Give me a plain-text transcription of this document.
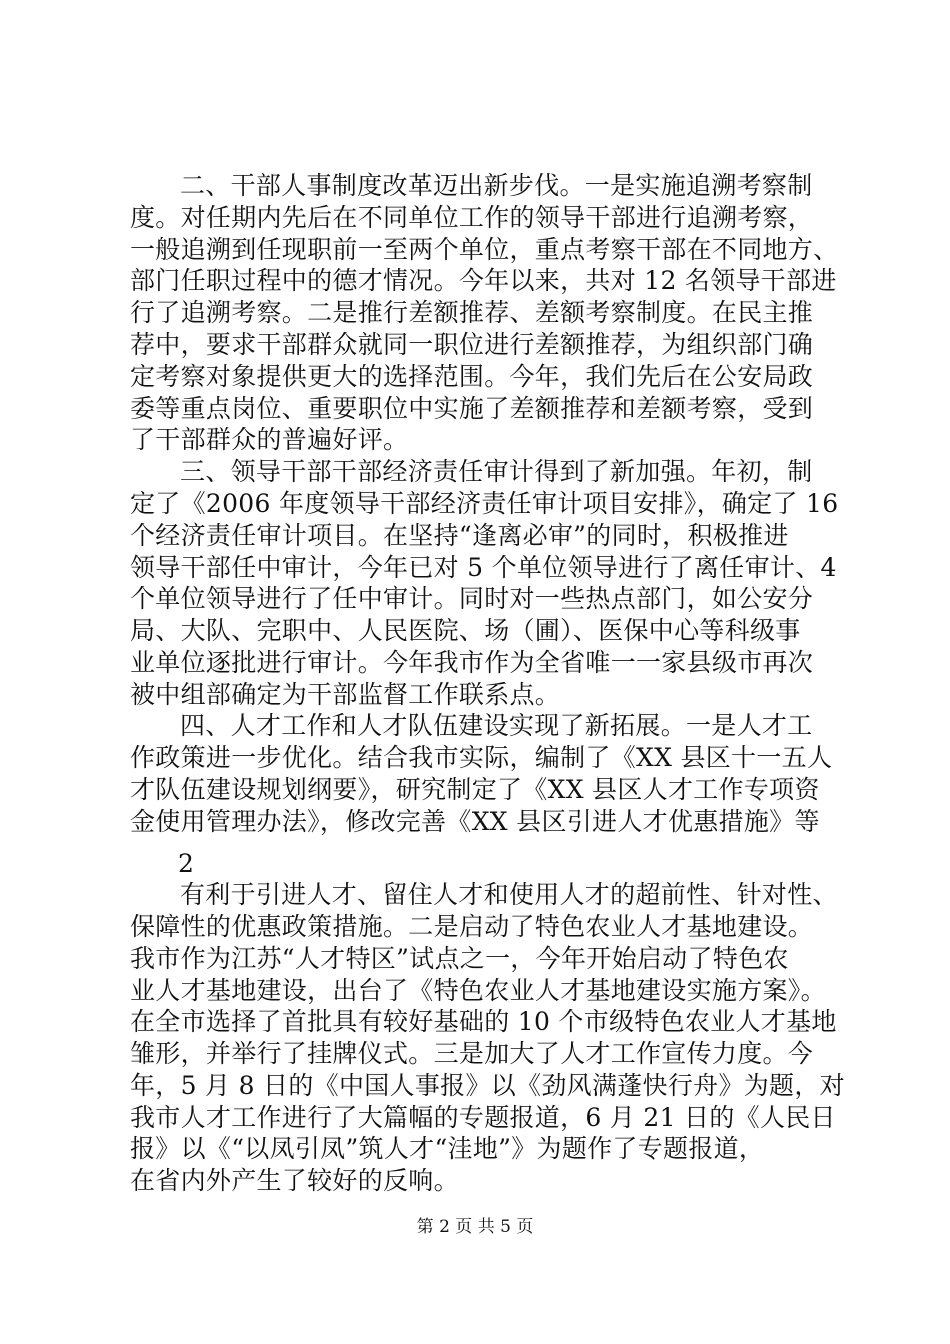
二、干部人事制度改革迈出新步伐。一是实施追溯考察制
度。对任期内先后在不同单位工作的领导干部进行追溯考察，
一般追溯到任现职前一至两个单位，重点考察干部在不同地方、
部门任职过程中的德才情况。今年以来，共对 12 名领导干部进
行了追溯考察。二是推行差额推荐、差额考察制度。在民主推
荐中，要求干部群众就同一职位进行差额推荐，为组织部门确
定考察对象提供更大的选择范围。今年，我们先后在公安局政
委等重点岗位、重要职位中实施了差额推荐和差额考察，受到
了干部群众的普遍好评。
三、领导干部干部经济责任审计得到了新加强。年初，制
定了《2006 年度领导干部经济责任审计项目安排》，确定了 16
个经济责任审计项目。在坚持“逢离必审”的同时，积极推进
领导干部任中审计，今年已对 5 个单位领导进行了离任审计、4
个单位领导进行了任中审计。同时对一些热点部门，如公安分
局、大队、完职中、人民医院、场（圃）、医保中心等科级事
业单位逐批进行审计。今年我市作为全省唯一一家县级市再次
被中组部确定为干部监督工作联系点。
四、人才工作和人才队伍建设实现了新拓展。一是人才工
作政策进一步优化。结合我市实际，编制了《XX 县区十一五人
才队伍建设规划纲要》，研究制定了《XX 县区人才工作专项资
金使用管理办法》，修改完善《XX 县区引进人才优惠措施》等
2
有利于引进人才、留住人才和使用人才的超前性、针对性、
保障性的优惠政策措施。二是启动了特色农业人才基地建设。
我市作为江苏“人才特区”试点之一，今年开始启动了特色农
业人才基地建设，出台了《特色农业人才基地建设实施方案》。
在全市选择了首批具有较好基础的 10 个市级特色农业人才基地
雏形，并举行了挂牌仪式。三是加大了人才工作宣传力度。今
年，5 月 8 日的《中国人事报》以《劲风满蓬快行舟》为题，对
我市人才工作进行了大篇幅的专题报道，6 月 21 日的《人民日
报》以《“以凤引凤”筑人才“洼地”》为题作了专题报道，
在省内外产生了较好的反响。
第 2 页 共 5 页
